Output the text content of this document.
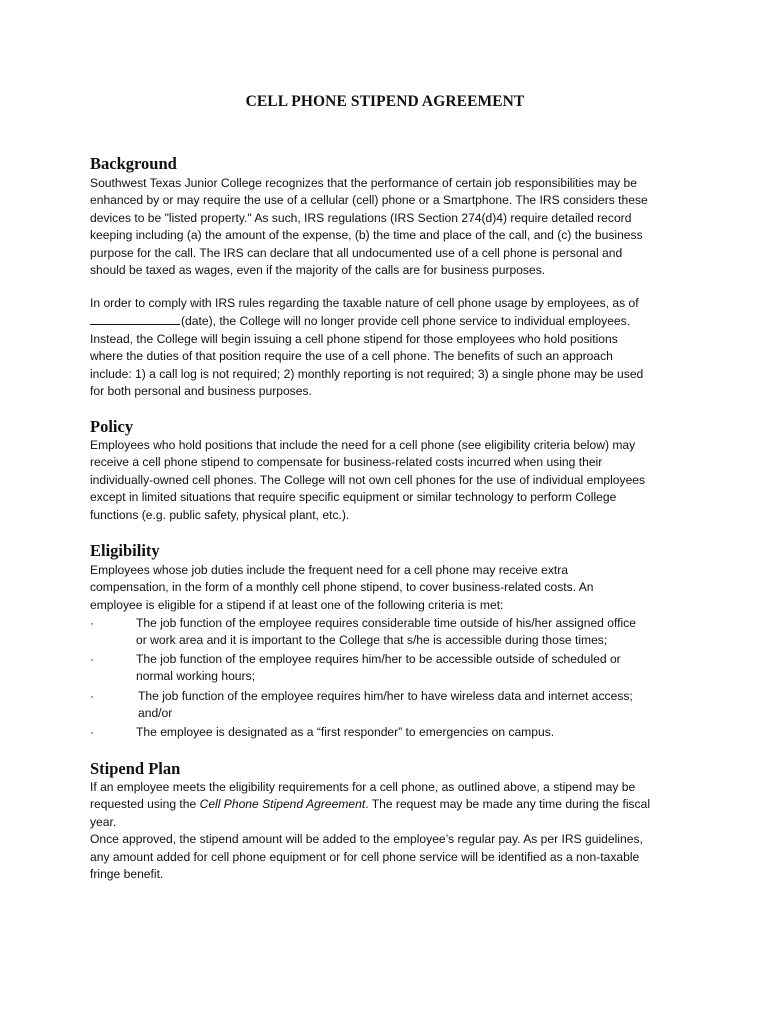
CELL PHONE STIPEND AGREEMENT
Background
Southwest Texas Junior College recognizes that the performance of certain job responsibilities may be
enhanced by or may require the use of a cellular (cell) phone or a Smartphone. The IRS considers these
devices to be "listed property." As such, IRS regulations (IRS Section 274(d)4) require detailed record
keeping including (a) the amount of the expense, (b) the time and place of the call, and (c) the business
purpose for the call. The IRS can declare that all undocumented use of a cell phone is personal and
should be taxed as wages, even if the majority of the calls are for business purposes.
In order to comply with IRS rules regarding the taxable nature of cell phone usage by employees, as of
(date), the College will no longer provide cell phone service to individual employees.
Instead, the College will begin issuing a cell phone stipend for those employees who hold positions
where the duties of that position require the use of a cell phone. The benefits of such an approach
include: 1) a call log is not required; 2) monthly reporting is not required; 3) a single phone may be used
for both personal and business purposes.
Policy
Employees who hold positions that include the need for a cell phone (see eligibility criteria below) may
receive a cell phone stipend to compensate for business-related costs incurred when using their
individually-owned cell phones. The College will not own cell phones for the use of individual employees
except in limited situations that require specific equipment or similar technology to perform College
functions (e.g. public safety, physical plant, etc.).
Eligibility
Employees whose job duties include the frequent need for a cell phone may receive extra
compensation, in the form of a monthly cell phone stipend, to cover business-related costs. An
employee is eligible for a stipend if at least one of the following criteria is met:
·	The job function of the employee requires considerable time outside of his/her assigned office
or work area and it is important to the College that s/he is accessible during those times;
·	The job function of the employee requires him/her to be accessible outside of scheduled or
normal working hours;
·	The job function of the employee requires him/her to have wireless data and internet access;
and/or
·	The employee is designated as a “first responder” to emergencies on campus.
Stipend Plan
If an employee meets the eligibility requirements for a cell phone, as outlined above, a stipend may be
requested using the Cell Phone Stipend Agreement. The request may be made any time during the fiscal
year.
Once approved, the stipend amount will be added to the employee’s regular pay. As per IRS guidelines,
any amount added for cell phone equipment or for cell phone service will be identified as a non-taxable
fringe benefit.
